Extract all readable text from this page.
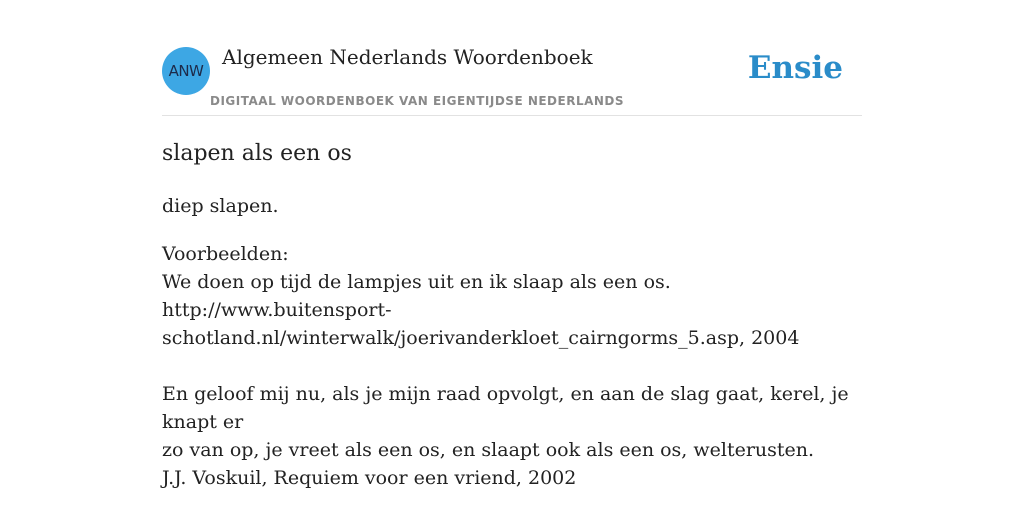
ANW
Algemeen Nederlands Woordenboek
DIGITAAL WOORDENBOEK VAN EIGENTIJDSE NEDERLANDS
Ensie
slapen als een os
diep slapen.
Voorbeelden:
We doen op tijd de lampjes uit en ik slaap als een os.
http://www.buitensport-
schotland.nl/winterwalk/joerivanderkloet_cairngorms_5.asp, 2004
En geloof mij nu, als je mijn raad opvolgt, en aan de slag gaat, kerel, je knapt er
zo van op, je vreet als een os, en slaapt ook als een os, welterusten.
J.J. Voskuil, Requiem voor een vriend, 2002
